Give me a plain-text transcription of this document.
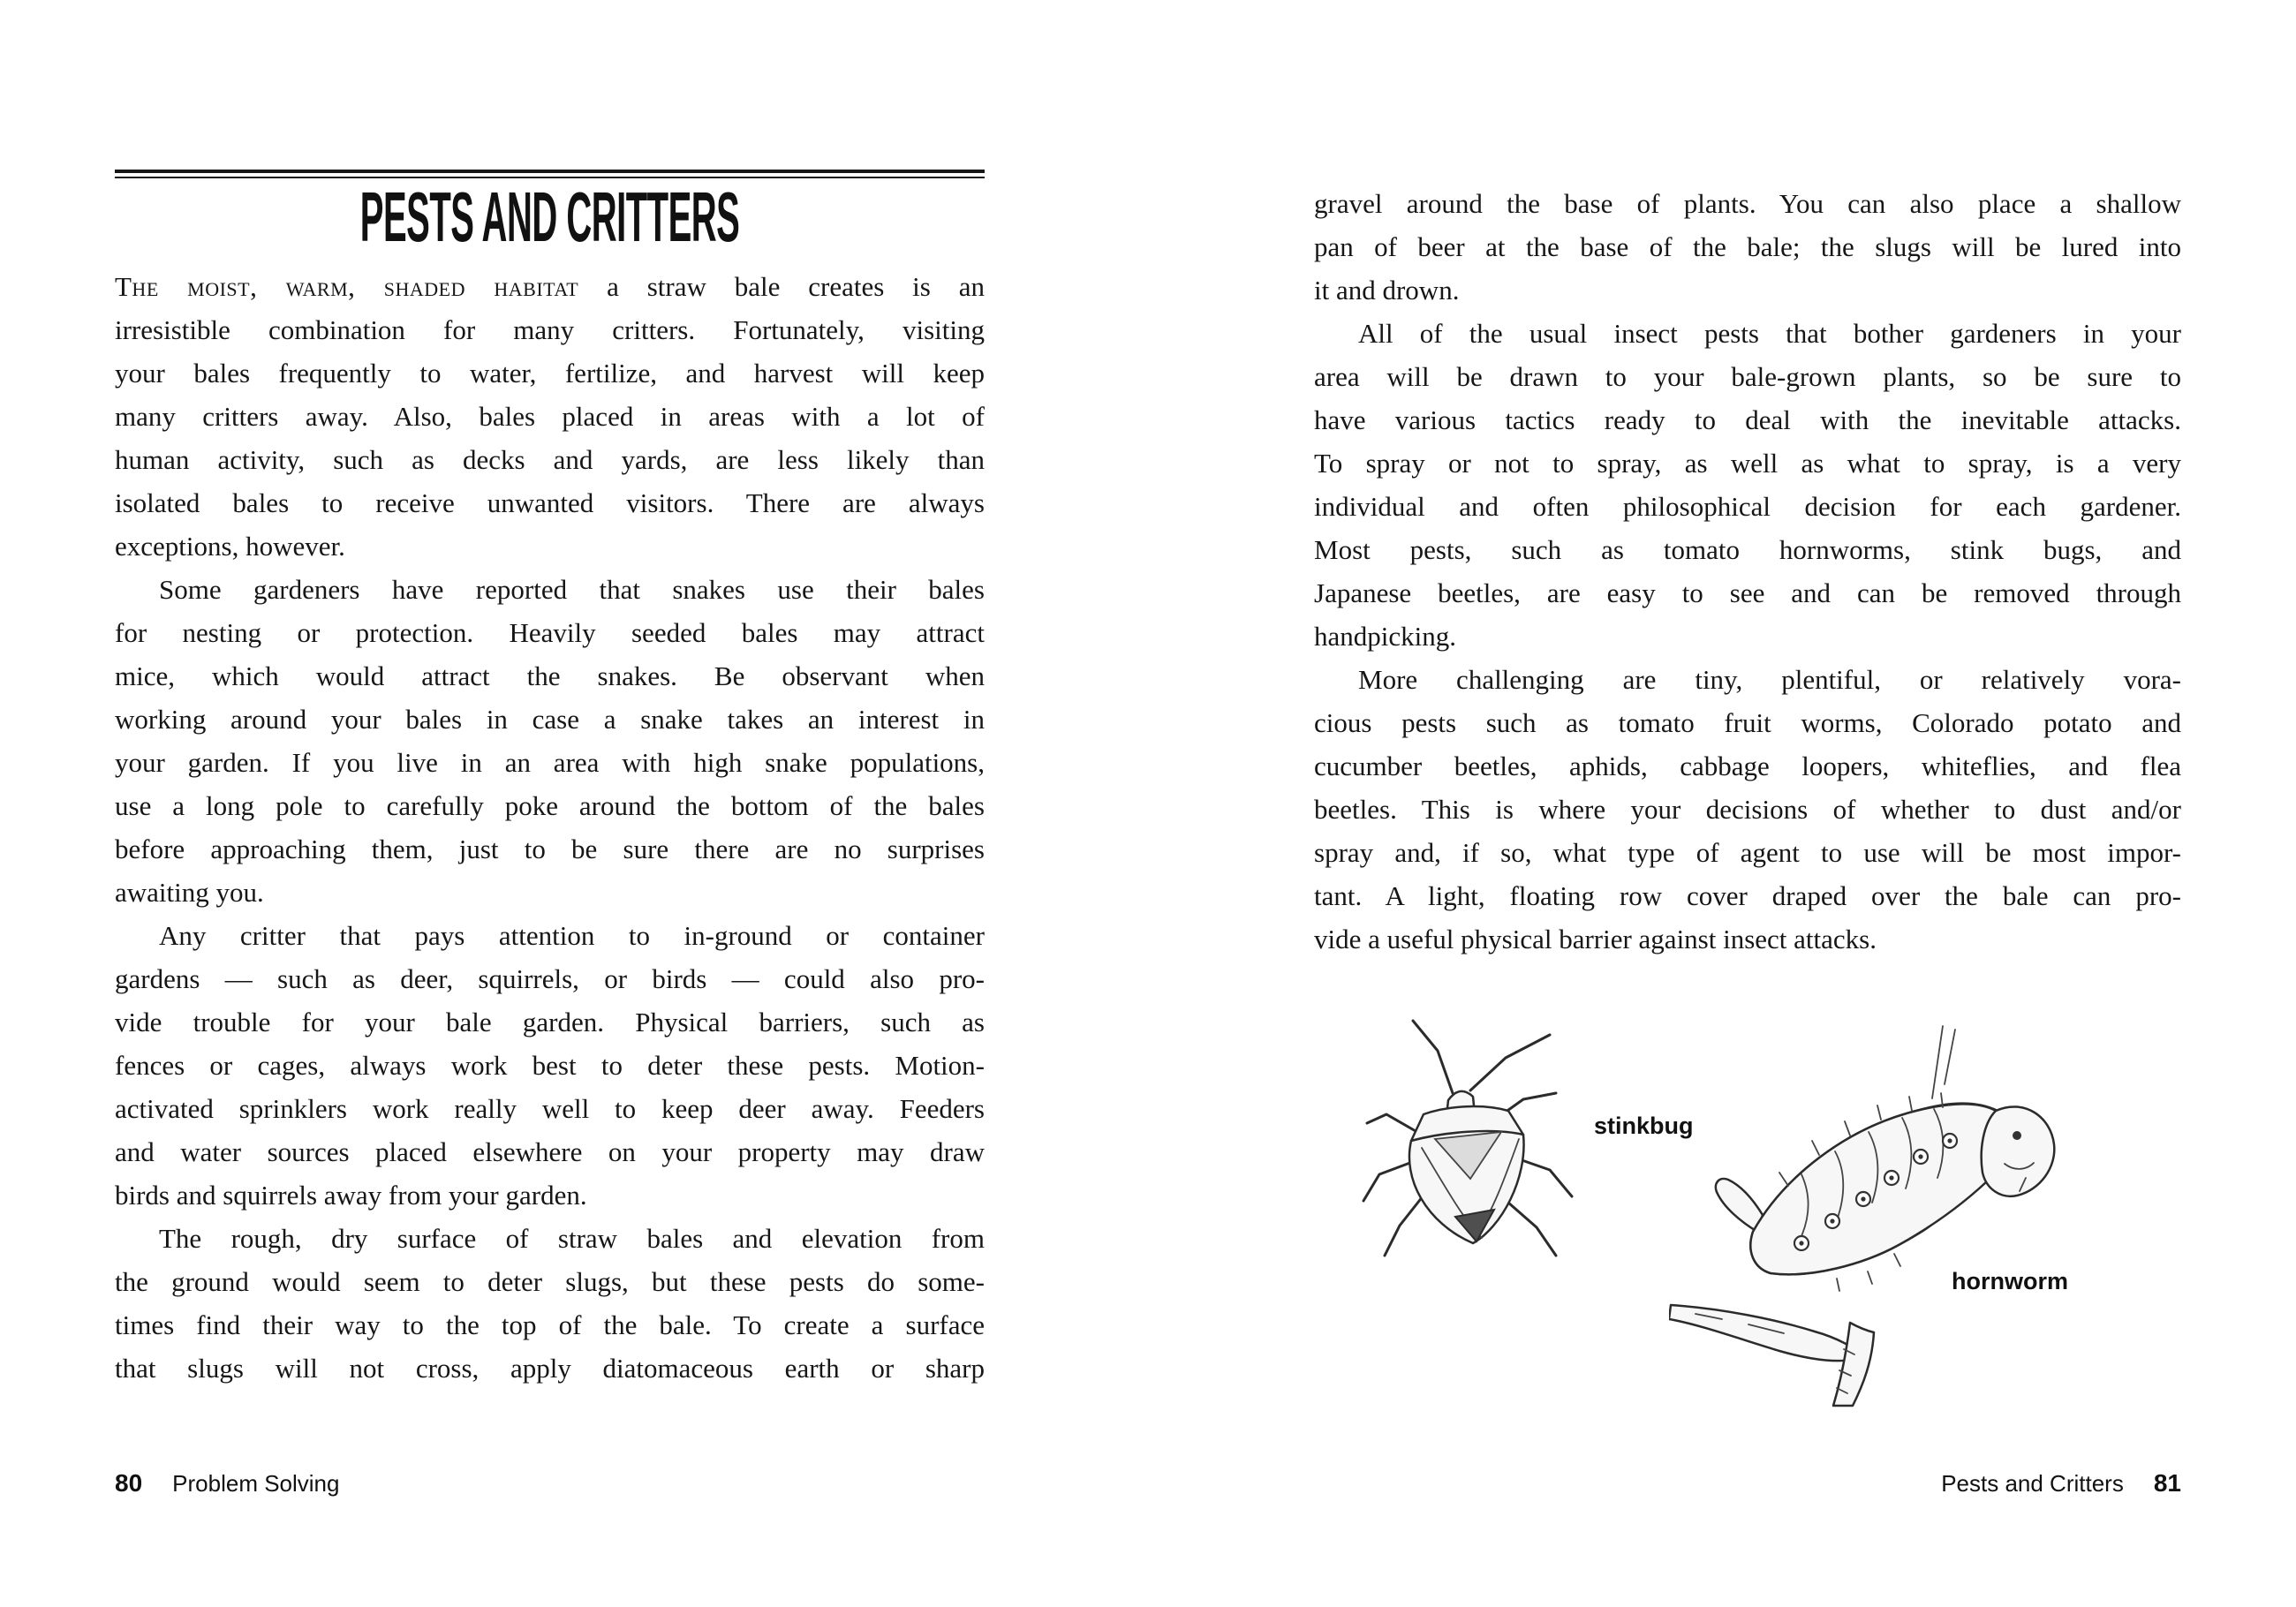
PESTS AND CRITTERS
The moist, warm, shaded habitat a straw bale creates is an
irresistible combination for many critters. Fortunately, visiting
your bales frequently to water, fertilize, and harvest will keep
many critters away. Also, bales placed in areas with a lot of
human activity, such as decks and yards, are less likely than
isolated bales to receive unwanted visitors. There are always
exceptions, however.
Some gardeners have reported that snakes use their bales
for nesting or protection. Heavily seeded bales may attract
mice, which would attract the snakes. Be observant when
working around your bales in case a snake takes an interest in
your garden. If you live in an area with high snake populations,
use a long pole to carefully poke around the bottom of the bales
before approaching them, just to be sure there are no surprises
awaiting you.
Any critter that pays attention to in-ground or container
gardens — such as deer, squirrels, or birds — could also pro-
vide trouble for your bale garden. Physical barriers, such as
fences or cages, always work best to deter these pests. Motion-
activated sprinklers work really well to keep deer away. Feeders
and water sources placed elsewhere on your property may draw
birds and squirrels away from your garden.
The rough, dry surface of straw bales and elevation from
the ground would seem to deter slugs, but these pests do some-
times find their way to the top of the bale. To create a surface
that slugs will not cross, apply diatomaceous earth or sharp
80 Problem Solving
gravel around the base of plants. You can also place a shallow
pan of beer at the base of the bale; the slugs will be lured into
it and drown.
All of the usual insect pests that bother gardeners in your
area will be drawn to your bale-grown plants, so be sure to
have various tactics ready to deal with the inevitable attacks.
To spray or not to spray, as well as what to spray, is a very
individual and often philosophical decision for each gardener.
Most pests, such as tomato hornworms, stink bugs, and
Japanese beetles, are easy to see and can be removed through
handpicking.
More challenging are tiny, plentiful, or relatively vora-
cious pests such as tomato fruit worms, Colorado potato and
cucumber beetles, aphids, cabbage loopers, whiteflies, and flea
beetles. This is where your decisions of whether to dust and/or
spray and, if so, what type of agent to use will be most impor-
tant. A light, floating row cover draped over the bale can pro-
vide a useful physical barrier against insect attacks.
stinkbug
hornworm
Pests and Critters 81
